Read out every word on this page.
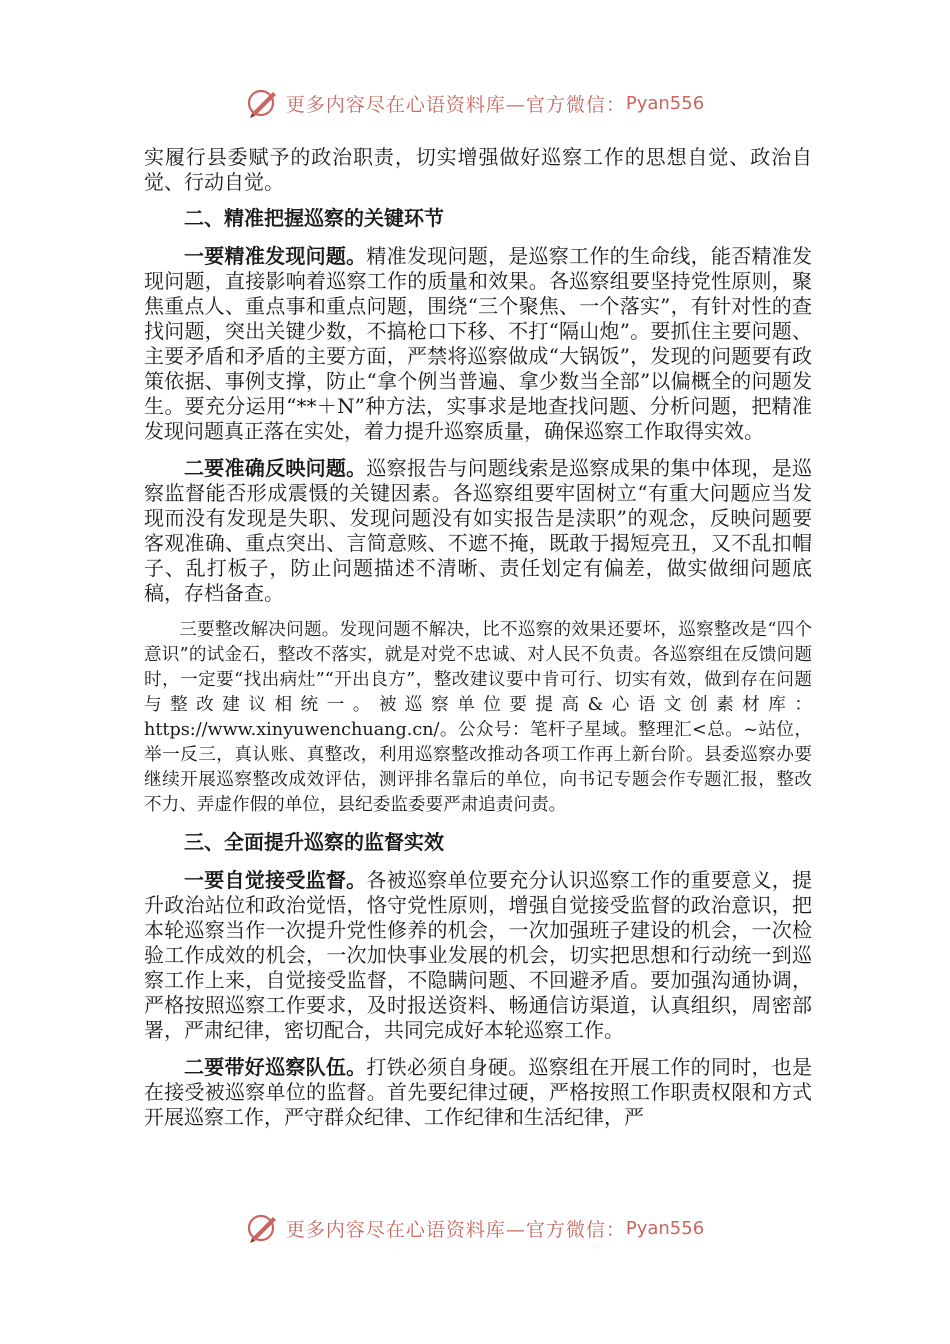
更多内容尽在心语资料库—官方微信： Pyan556

实履行县委赋予的政治职责，切实增强做好巡察工作的思想自觉、政治自觉、行动自觉。

二、精准把握巡察的关键环节

一要精准发现问题。精准发现问题，是巡察工作的生命线，能否精准发现问题，直接影响着巡察工作的质量和效果。各巡察组要坚持党性原则，聚焦重点人、重点事和重点问题，围绕“三个聚焦、一个落实”，有针对性的查找问题，突出关键少数，不搞枪口下移、不打“隔山炮”。要抓住主要问题、主要矛盾和矛盾的主要方面，严禁将巡察做成“大锅饭”，发现的问题要有政策依据、事例支撑，防止“拿个例当普遍、拿少数当全部”以偏概全的问题发生。要充分运用“**＋N”种方法，实事求是地查找问题、分析问题，把精准发现问题真正落在实处，着力提升巡察质量，确保巡察工作取得实效。

二要准确反映问题。巡察报告与问题线索是巡察成果的集中体现，是巡察监督能否形成震慑的关键因素。各巡察组要牢固树立“有重大问题应当发现而没有发现是失职、发现问题没有如实报告是渎职”的观念，反映问题要客观准确、重点突出、言简意赅、不遮不掩，既敢于揭短亮丑，又不乱扣帽子、乱打板子，防止问题描述不清晰、责任划定有偏差，做实做细问题底稿，存档备查。

三要整改解决问题。发现问题不解决，比不巡察的效果还要坏，巡察整改是“四个意识”的试金石，整改不落实，就是对党不忠诚、对人民不负责。各巡察组在反馈问题时，一定要“找出病灶”“开出良方”，整改建议要中肯可行、切实有效，做到存在问题与整改建议相统一。被巡察单位要提高&心语文创素材库：https://www.xinyuwenchuang.cn/。公众号：笔杆子星域。整理汇<总。~站位，举一反三，真认账、真整改，利用巡察整改推动各项工作再上新台阶。县委巡察办要继续开展巡察整改成效评估，测评排名靠后的单位，向书记专题会作专题汇报，整改不力、弄虚作假的单位，县纪委监委要严肃追责问责。

三、全面提升巡察的监督实效

一要自觉接受监督。各被巡察单位要充分认识巡察工作的重要意义，提升政治站位和政治觉悟，恪守党性原则，增强自觉接受监督的政治意识，把本轮巡察当作一次提升党性修养的机会，一次加强班子建设的机会，一次检验工作成效的机会，一次加快事业发展的机会，切实把思想和行动统一到巡察工作上来，自觉接受监督，不隐瞒问题、不回避矛盾。要加强沟通协调，严格按照巡察工作要求，及时报送资料、畅通信访渠道，认真组织，周密部署，严肃纪律，密切配合，共同完成好本轮巡察工作。

二要带好巡察队伍。打铁必须自身硬。巡察组在开展工作的同时，也是在接受被巡察单位的监督。首先要纪律过硬，严格按照工作职责权限和方式开展巡察工作，严守群众纪律、工作纪律和生活纪律，严

更多内容尽在心语资料库—官方微信： Pyan556
